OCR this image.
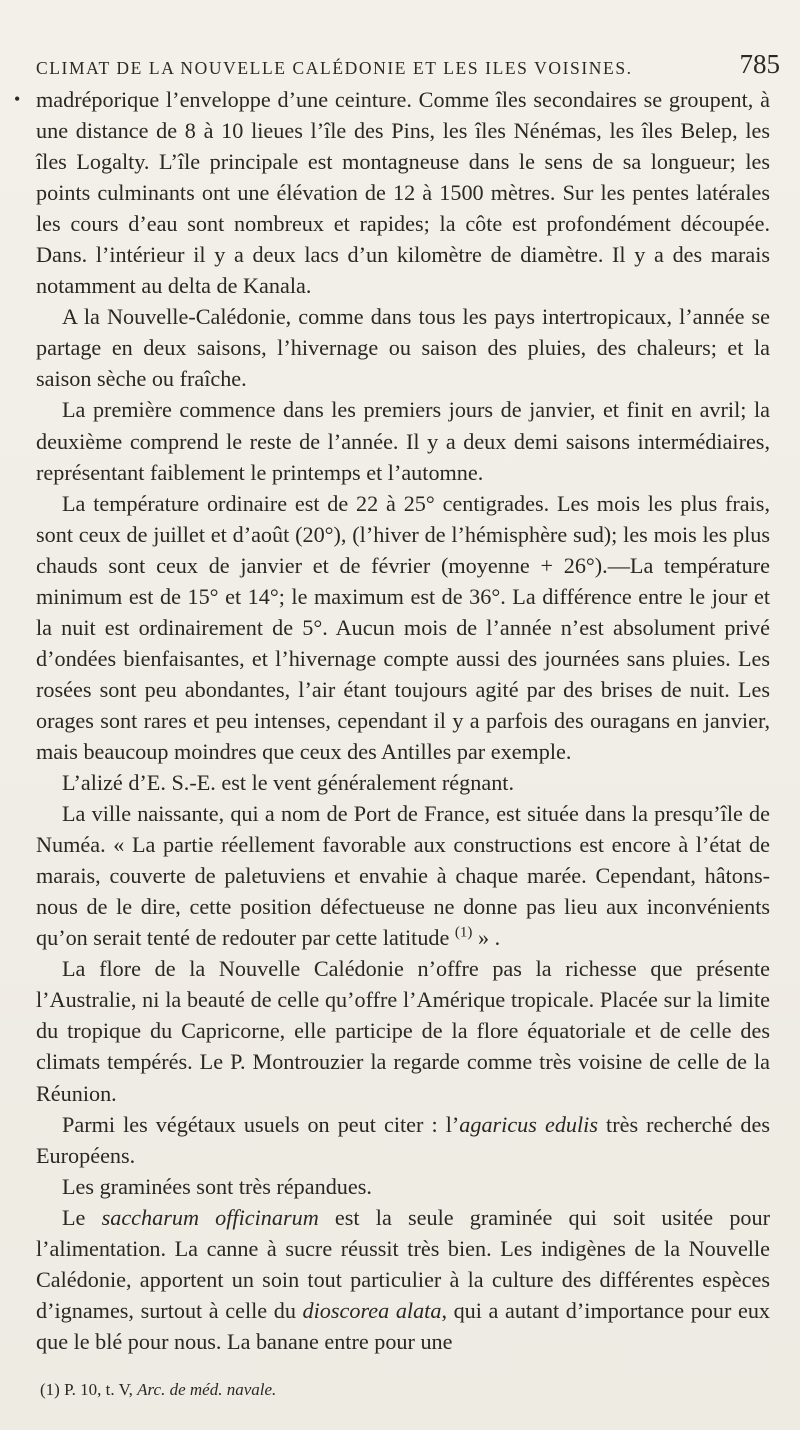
CLIMAT DE LA NOUVELLE CALÉDONIE ET LES ILES VOISINES.	785

• madréporique l’enveloppe d’une ceinture. Comme îles secondaires se groupent, à une distance de 8 à 10 lieues l’île des Pins, les îles Nénémas, les îles Belep, les îles Logalty. L’île principale est montagneuse dans le sens de sa longueur; les points culminants ont une élévation de 12 à 1500 mètres. Sur les pentes latérales les cours d’eau sont nombreux et rapides; la côte est profondément découpée. Dans. l’intérieur il y a deux lacs d’un kilomètre de diamètre. Il y a des marais notamment au delta de Kanala.

A la Nouvelle-Calédonie, comme dans tous les pays intertropicaux, l’année se partage en deux saisons, l’hivernage ou saison des pluies, des chaleurs; et la saison sèche ou fraîche.

La première commence dans les premiers jours de janvier, et finit en avril; la deuxième comprend le reste de l’année. Il y a deux demi saisons intermédiaires, représentant faiblement le printemps et l’automne.

La température ordinaire est de 22 à 25° centigrades. Les mois les plus frais, sont ceux de juillet et d’août (20°), (l’hiver de l’hémisphère sud); les mois les plus chauds sont ceux de janvier et de février (moyenne + 26°).—La température minimum est de 15° et 14°; le maximum est de 36°. La différence entre le jour et la nuit est ordinairement de 5°. Aucun mois de l’année n’est absolument privé d’ondées bienfaisantes, et l’hivernage compte aussi des journées sans pluies. Les rosées sont peu abondantes, l’air étant toujours agité par des brises de nuit. Les orages sont rares et peu intenses, cependant il y a parfois des ouragans en janvier, mais beaucoup moindres que ceux des Antilles par exemple.

L’alizé d’E. S.-E. est le vent généralement régnant.

La ville naissante, qui a nom de Port de France, est située dans la presqu’île de Numéa. « La partie réellement favorable aux constructions est encore à l’état de marais, couverte de paletuviens et envahie à chaque marée. Cependant, hâtons-nous de le dire, cette position défectueuse ne donne pas lieu aux inconvénients qu’on serait tenté de redouter par cette latitude $^{(1)}$ » .

La flore de la Nouvelle Calédonie n’offre pas la richesse que présente l’Australie, ni la beauté de celle qu’offre l’Amérique tropicale. Placée sur la limite du tropique du Capricorne, elle participe de la flore équatoriale et de celle des climats tempérés. Le P. Montrouzier la regarde comme très voisine de celle de la Réunion.

Parmi les végétaux usuels on peut citer : l’agaricus edulis très recherché des Européens.

Les graminées sont très répandues.

Le saccharum officinarum est la seule graminée qui soit usitée pour l’alimentation. La canne à sucre réussit très bien. Les indigènes de la Nouvelle Calédonie, apportent un soin tout particulier à la culture des différentes espèces d’ignames, surtout à celle du dioscorea alata, qui a autant d’importance pour eux que le blé pour nous. La banane entre pour une

(1) P. 10, t. V, Arc. de méd. navale.
